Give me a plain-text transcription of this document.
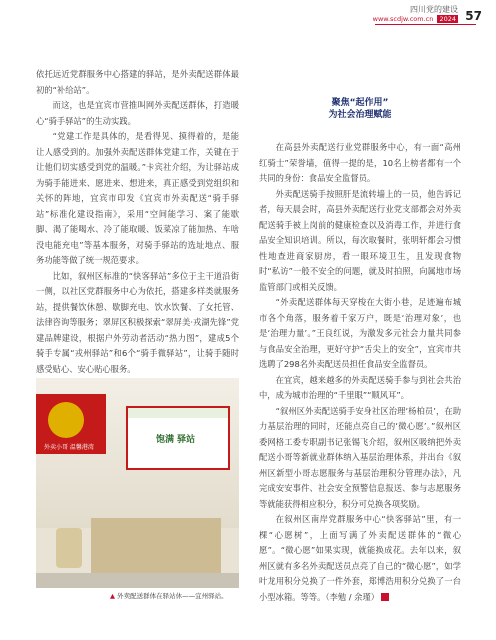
四川党的建设
www.scdjw.com.cn 2024 57

依托远近党群服务中心搭建的驿站，是外卖配送群体最初的“补给站”。

而这，也是宜宾市营推叫网外卖配送群体，打造暖心“骑手驿站”的生动实践。

“党建工作是具体的，是看得见、摸得着的，是能让人感受到的。加强外卖配送群体党建工作，关键在于让他们切实感受到党的温暖。”卡宾社介绍，为让驿站成为骑手能进来、愿进来、想进来，真正感受到党组织和关怀的阵地，宜宾市印发《宜宾市外卖配送“骑手驿站”标准化建设指南》，采用“空间能学习、案了能歇脚、渴了能喝水、冷了能取暖、饭菜凉了能加热、车啥没电能充电”等基本服务，对骑手驿站的选址地点、服务功能等做了统一规范要求。

比如，叙州区标准的“快客驿站”多位于主干道沿街一侧，以社区党群服务中心为依托，搭建多样类就服务站，提供餐饮休憩、歇脚充电、饮水饮餐、了女托管、法律咨询等服务；翠屏区积极探索“翠屏美·戎湖先锋”党建品牌建设，根据户外劳动者活动“热力图”，建成5个骑手专属“戎州驿站”和6个“骑手微驿站”，让骑手随时感受贴心、安心贴心服务。

外卖小哥 温馨港湾
饱满 驿站
▲ 外卖配送群体在驿站休——宜州驿站。
聚焦“起作用”
为社会治理赋能

在高县外卖配送行业党群服务中心，有一面“高州红骑士”荣誉墙，值得一提的是，10名上榜者都有一个共同的身份：食品安全监督员。

外卖配送骑手按照肝是流转墙上的一员，他告诉记者，每天晨会时，高县外卖配送行业党支部都会对外卖配送骑手被上岗前的健康检查以及消毒工作，并进行食品安全知识培训。所以，每次取餐时，张明轩都会习惯性地查进商家厨房，看一眼环境卫生，且发现食物时“私访”一般不安全的问题，就及时拍照，向属地市场监管部门或相关反馈。

“外卖配送群体每天穿梭在大街小巷，足迹遍布城市各个角落，服务着千家万户，既是‘治理对象’，也是‘治理力量’。”王良红说，为激发多元社会力量共同参与食品安全治理，更好守护“舌尖上的安全”，宜宾市共选聘了298名外卖配送员担任食品安全监督员。

在宜宾，越来越多的外卖配送骑手参与到社会共治中，成为城市治理的“千里眼”“顺风耳”。

“叙州区外卖配送骑手安身社区治理‘杨柏员’，在助力基层治理的同时，还能点亮自己的‘微心愿’。”叙州区委网格工委专职副书记张锡飞介绍，叙州区吸纳把外卖配送小哥等新就业群体纳入基层治理体系，并出台《叙州区新型小哥志愿服务与基层治理积分管理办法》，凡完成安安事件、社会安全预警信息报送、参与志愿服务等就能获得相应积分，积分可兑换各项奖励。

在叙州区南岸党群服务中心“快客驿站”里，有一棵“心愿树”，上面写满了外卖配送群体的“微心愿”。“微心愿”如果实现，就能换成花。去年以来，叙州区就有多名外卖配送员点亮了自己的“微心愿”，如学叶龙用积分兑换了一件外套，郑博浩用积分兑换了一台小型冰箱。等等。（李勉 / 余瑾）
